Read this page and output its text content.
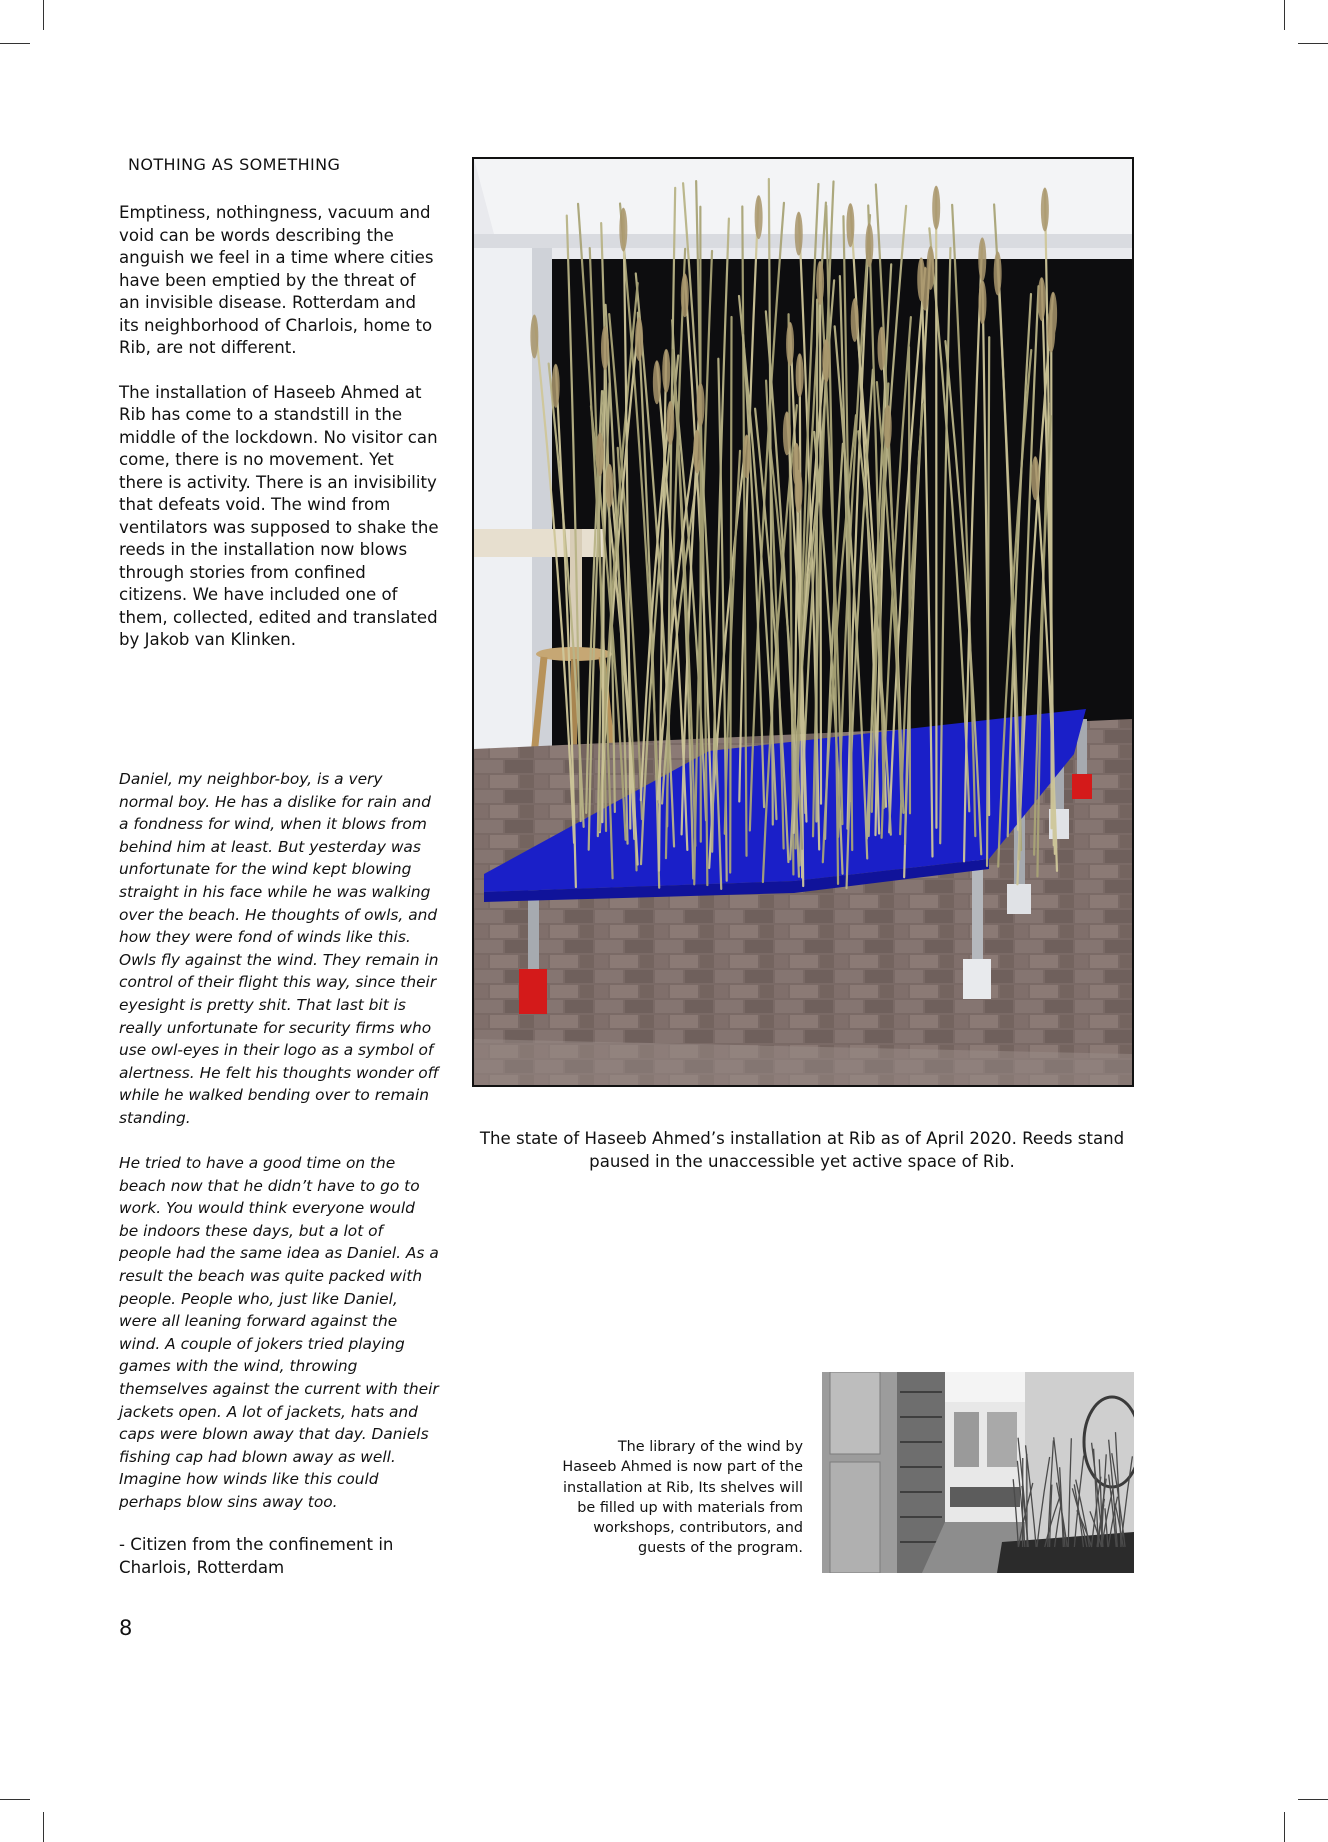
NOTHING AS SOMETHING

Emptiness, nothingness, vacuum and void can be words describing the anguish we feel in a time where cities have been emptied by the threat of an invisible disease. Rotterdam and its neighborhood of Charlois, home to Rib, are not different.

The installation of Haseeb Ahmed at Rib has come to a standstill in the middle of the lockdown. No visitor can come, there is no movement. Yet there is activity. There is an invisibility that defeats void. The wind from ventilators was supposed to shake the reeds in the installation now blows through stories from confined citizens. We have included one of them, collected, edited and translated by Jakob van Klinken.

Daniel, my neighbor-boy, is a very normal boy. He has a dislike for rain and a fondness for wind, when it blows from behind him at least. But yesterday was unfortunate for the wind kept blowing straight in his face while he was walking over the beach. He thoughts of owls, and how they were fond of winds like this. Owls fly against the wind. They remain in control of their flight this way, since their eyesight is pretty shit. That last bit is really unfortunate for security firms who use owl-eyes in their logo as a symbol of alertness. He felt his thoughts wonder off while he walked bending over to remain standing.

He tried to have a good time on the beach now that he didn’t have to go to work. You would think everyone would be indoors these days, but a lot of people had the same idea as Daniel. As a result the beach was quite packed with people. People who, just like Daniel, were all leaning forward against the wind. A couple of jokers tried playing games with the wind, throwing themselves against the current with their jackets open. A lot of jackets, hats and caps were blown away that day. Daniels fishing cap had blown away as well. Imagine how winds like this could perhaps blow sins away too.

- Citizen from the confinement in Charlois, Rotterdam
8
The state of Haseeb Ahmed’s installation at Rib as of April 2020. Reeds stand paused in the unaccessible yet active space of Rib.
The library of the wind by Haseeb Ahmed is now part of the installation at Rib, Its shelves will be filled up with materials from workshops, contributors, and guests of the program.
